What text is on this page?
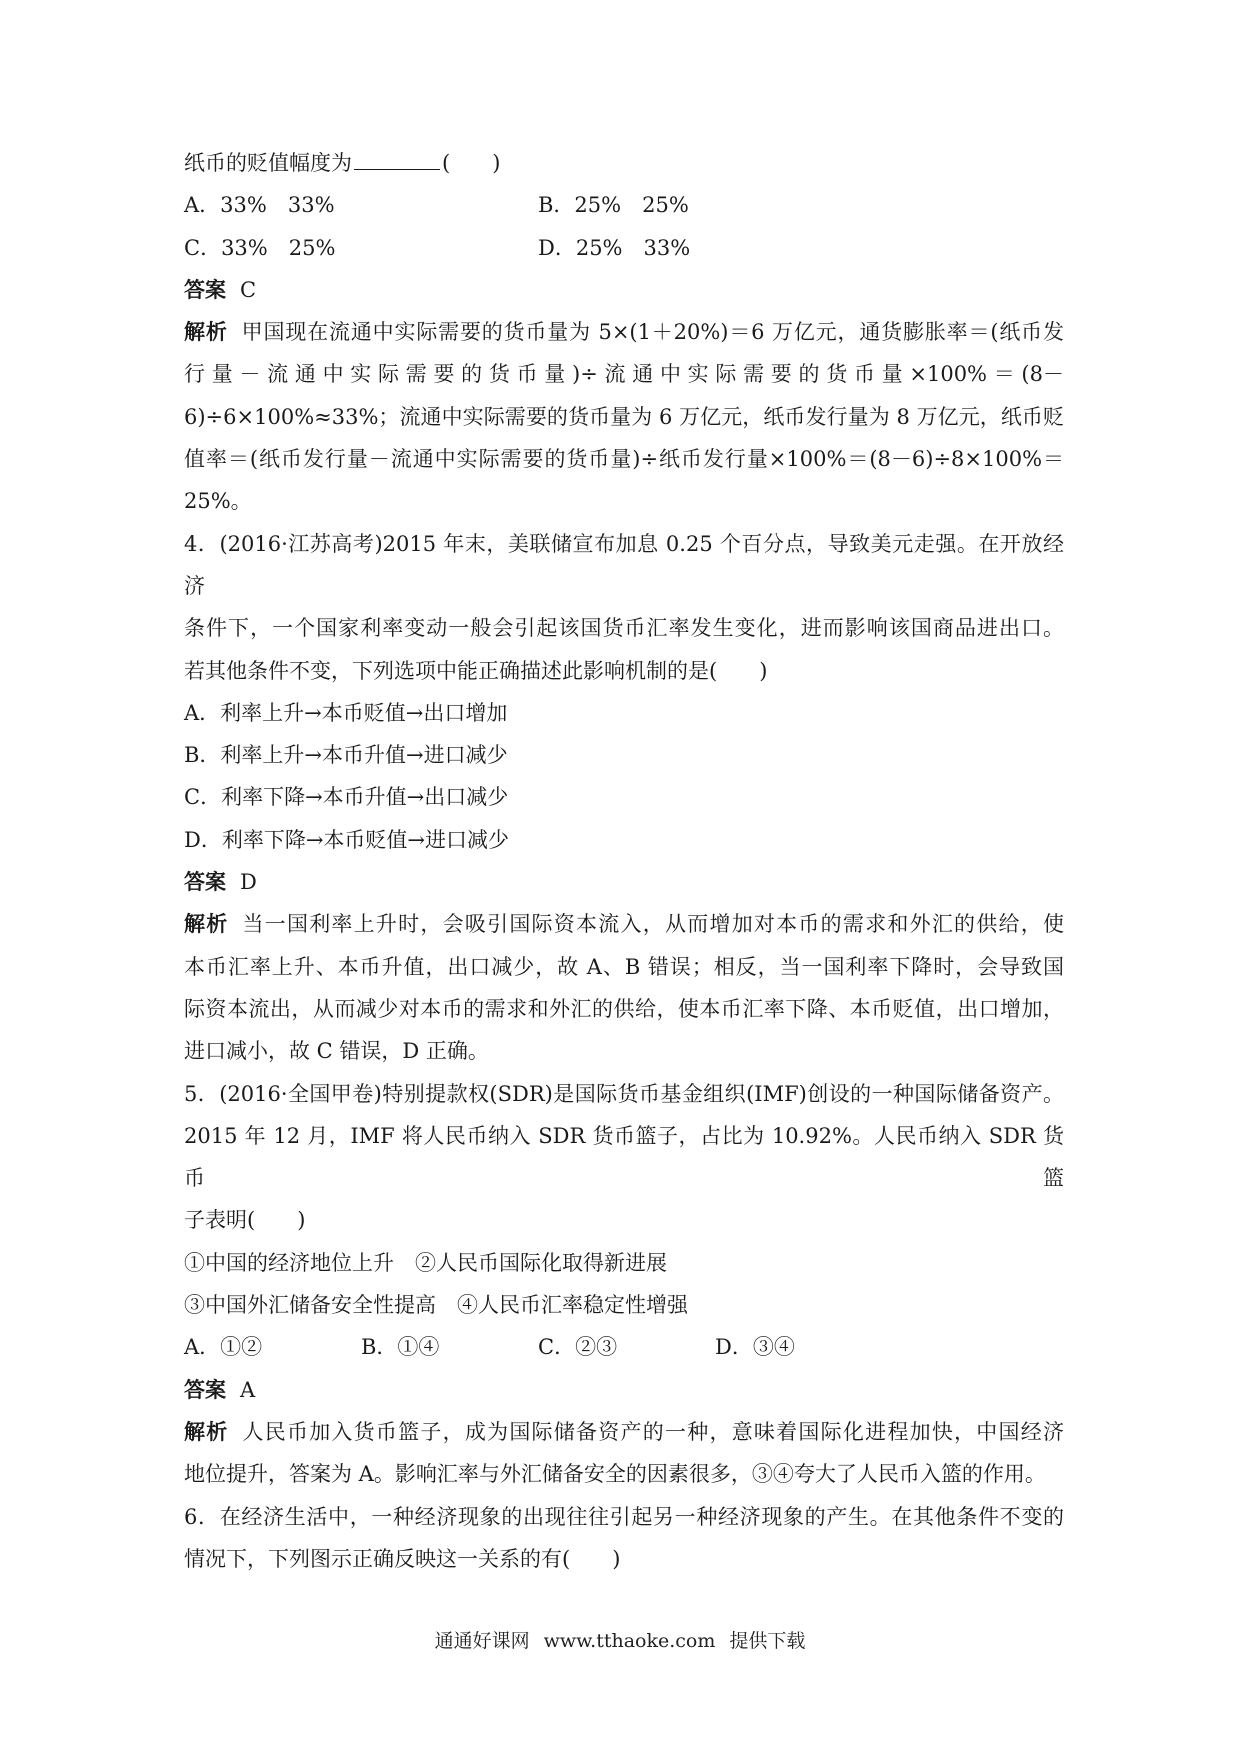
纸币的贬值幅度为	(　　)
A．33%　33%	B．25%　25%
C．33%　25%	D．25%　33%
答案 C
解析 甲国现在流通中实际需要的货币量为 5×(1＋20%)＝6 万亿元，通货膨胀率＝(纸币发
行量－流通中实际需要的货币量)÷流通中实际需要的货币量×100%＝(8－
6)÷6×100%≈33%；流通中实际需要的货币量为 6 万亿元，纸币发行量为 8 万亿元，纸币贬
值率＝(纸币发行量－流通中实际需要的货币量)÷纸币发行量×100%＝(8－6)÷8×100%＝
25%。
4．(2016·江苏高考)2015 年末，美联储宣布加息 0.25 个百分点，导致美元走强。在开放经济
条件下，一个国家利率变动一般会引起该国货币汇率发生变化，进而影响该国商品进出口。
若其他条件不变，下列选项中能正确描述此影响机制的是(　　)
A．利率上升→本币贬值→出口增加
B．利率上升→本币升值→进口减少
C．利率下降→本币升值→出口减少
D．利率下降→本币贬值→进口减少
答案 D
解析 当一国利率上升时，会吸引国际资本流入，从而增加对本币的需求和外汇的供给，使
本币汇率上升、本币升值，出口减少，故 A、B 错误；相反，当一国利率下降时，会导致国
际资本流出，从而减少对本币的需求和外汇的供给，使本币汇率下降、本币贬值，出口增加，
进口减小，故 C 错误，D 正确。
5．(2016·全国甲卷)特别提款权(SDR)是国际货币基金组织(IMF)创设的一种国际储备资产。
2015 年 12 月，IMF 将人民币纳入 SDR 货币篮子，占比为 10.92%。人民币纳入 SDR 货币篮
子表明(　　)
①中国的经济地位上升　②人民币国际化取得新进展
③中国外汇储备安全性提高　④人民币汇率稳定性增强
A．①②	B．①④	C．②③	D．③④
答案 A
解析 人民币加入货币篮子，成为国际储备资产的一种，意味着国际化进程加快，中国经济
地位提升，答案为 A。影响汇率与外汇储备安全的因素很多，③④夸大了人民币入篮的作用。
6．在经济生活中，一种经济现象的出现往往引起另一种经济现象的产生。在其他条件不变的
情况下，下列图示正确反映这一关系的有(　　)
通通好课网 www.tthaoke.com 提供下载
